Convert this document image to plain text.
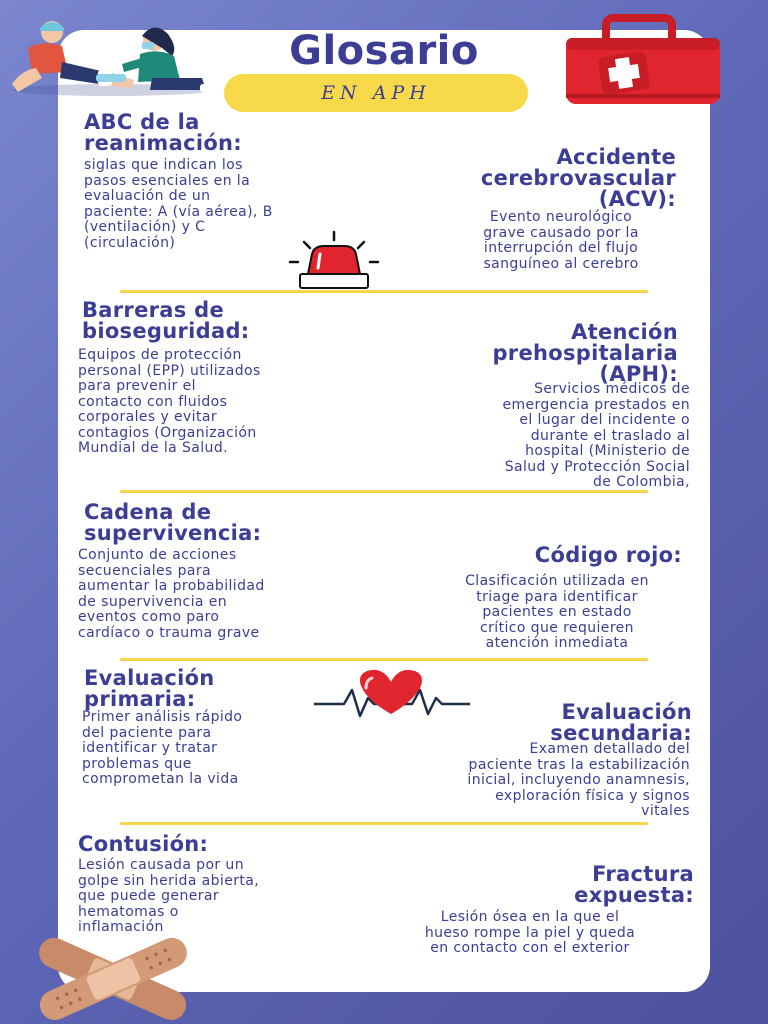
Glosario
EN APH
ABC de la
reanimación:
siglas que indican los
pasos esenciales en la
evaluación de un
paciente: A (vía aérea), B
(ventilación) y C
(circulación)
Accidente
cerebrovascular
(ACV):
Evento neurológico
grave causado por la
interrupción del flujo
sanguíneo al cerebro
Barreras de
bioseguridad:
Equipos de protección
personal (EPP) utilizados
para prevenir el
contacto con fluidos
corporales y evitar
contagios (Organización
Mundial de la Salud.
Atención
prehospitalaria
(APH):
Servicios médicos de
emergencia prestados en
el lugar del incidente o
durante el traslado al
hospital (Ministerio de
Salud y Protección Social
de Colombia,
Cadena de
supervivencia:
Conjunto de acciones
secuenciales para
aumentar la probabilidad
de supervivencia en
eventos como paro
cardíaco o trauma grave
Código rojo:
Clasificación utilizada en
triage para identificar
pacientes en estado
crítico que requieren
atención inmediata
Evaluación
primaria:
Primer análisis rápido
del paciente para
identificar y tratar
problemas que
comprometan la vida
Evaluación
secundaria:
Examen detallado del
paciente tras la estabilización
inicial, incluyendo anamnesis,
exploración física y signos
vitales
Contusión:
Lesión causada por un
golpe sin herida abierta,
que puede generar
hematomas o
inflamación
Fractura
expuesta:
Lesión ósea en la que el
hueso rompe la piel y queda
en contacto con el exterior
